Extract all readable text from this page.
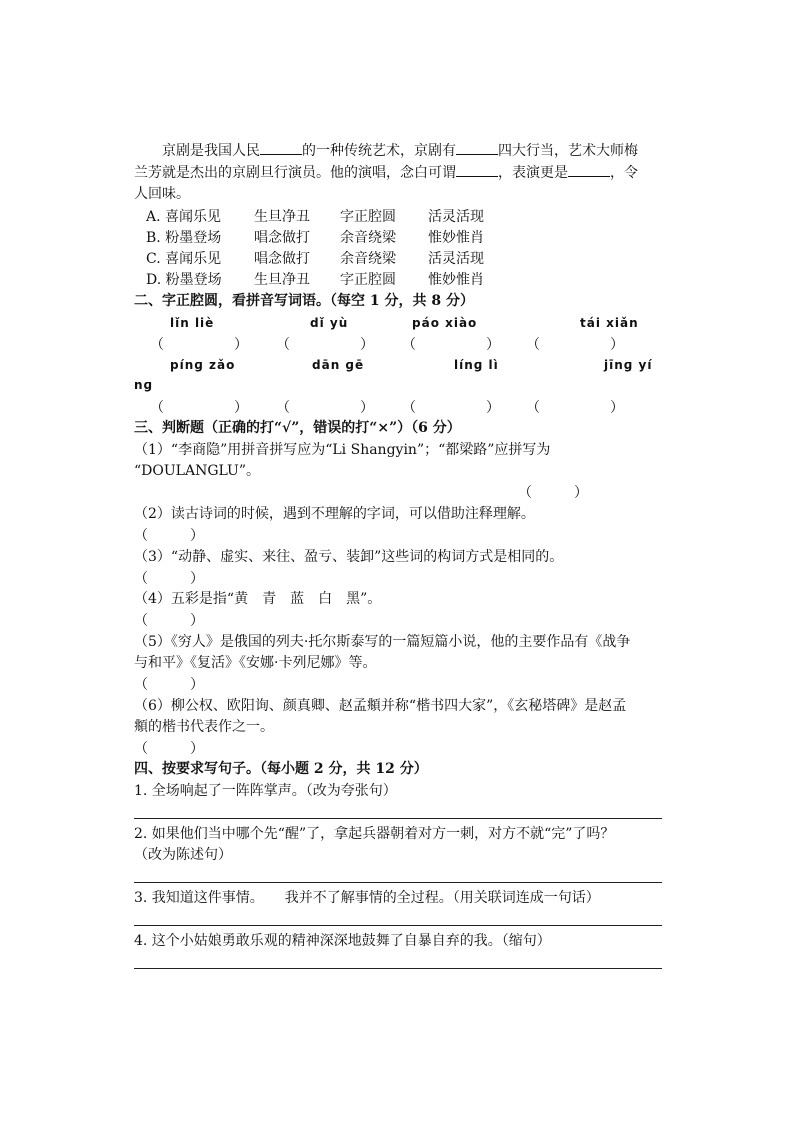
京剧是我国人民	的一种传统艺术，京剧有	四大行当，艺术大师梅
兰芳就是杰出的京剧旦行演员。他的演唱，念白可谓	，表演更是	，令
人回味。
A. 喜闻乐见 生旦净丑 字正腔圆 活灵活现
B. 粉墨登场 唱念做打 余音绕梁 惟妙惟肖
C. 喜闻乐见 唱念做打 余音绕梁 活灵活现
D. 粉墨登场 生旦净丑 字正腔圆 惟妙惟肖
二、字正腔圆，看拼音写词语。（每空 1 分，共 8 分）
lǐn liè	dǐ yù	páo xiào	tái xiǎn
（　　　　　） （　　　　　） （　　　　　） （　　　　　）
pínɡ zǎo	dān ɡē	línɡ lì	jīnɡ yí
nɡ
（　　　　　） （　　　　　） （　　　　　） （　　　　　）
三、判断题（正确的打“√”，错误的打“×”）（6 分）
（1）“李商隐”用拼音拼写应为“Li Shangyin”；“都梁路”应拼写为
“DOULANGLU”。
（　　　）
（2）读古诗词的时候，遇到不理解的字词，可以借助注释理解。
（　　　）
（3）“动静、虚实、来往、盈亏、装卸”这些词的构词方式是相同的。
（　　　）
（4）五彩是指“黄　青　蓝　白　黑”。
（　　　）
（5）《穷人》是俄国的列夫·托尔斯泰写的一篇短篇小说，他的主要作品有《战争
与和平》《复活》《安娜·卡列尼娜》等。
（　　　）
（6）柳公权、欧阳询、颜真卿、赵孟頫并称“楷书四大家”，《玄秘塔碑》是赵孟
頫的楷书代表作之一。
（　　　）
四、按要求写句子。（每小题 2 分，共 12 分）
1. 全场响起了一阵阵掌声。（改为夸张句）
2. 如果他们当中哪个先“醒”了，拿起兵器朝着对方一刺，对方不就“完”了吗？
（改为陈述句）
3. 我知道这件事情。　　我并不了解事情的全过程。（用关联词连成一句话）
4. 这个小姑娘勇敢乐观的精神深深地鼓舞了自暴自弃的我。（缩句）
